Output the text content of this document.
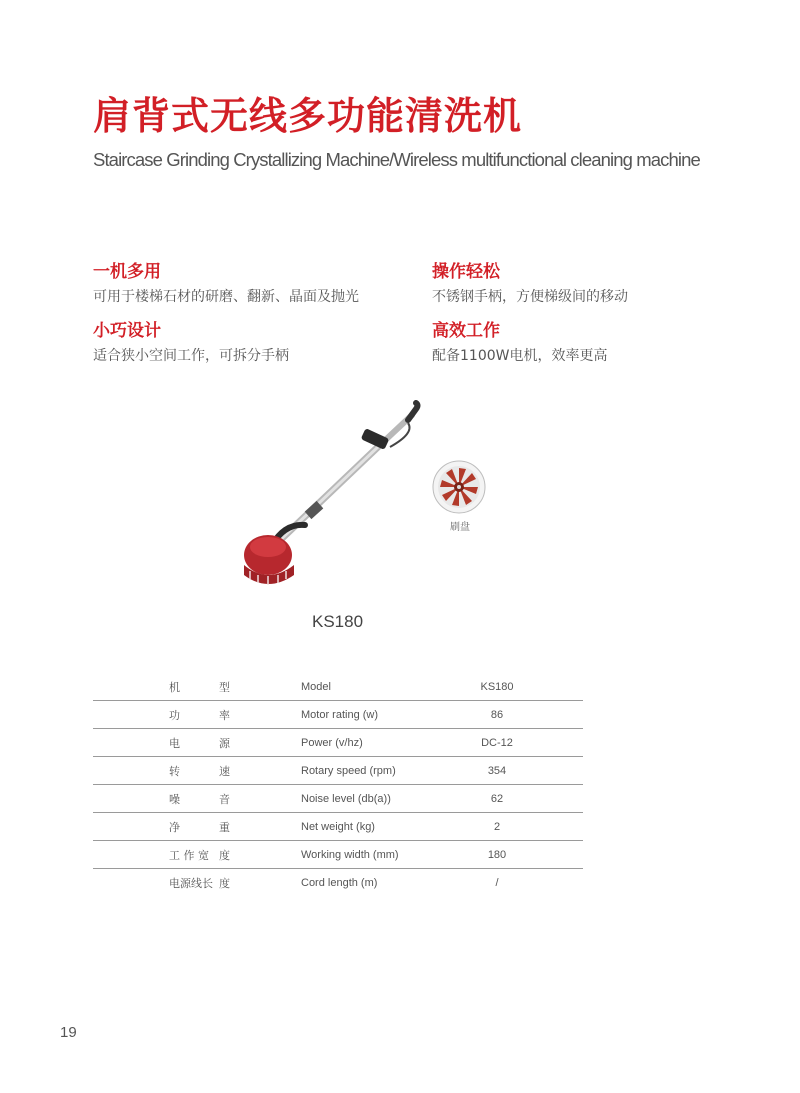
肩背式无线多功能清洗机
Staircase Grinding Crystallizing Machine/Wireless multifunctional cleaning machine
一机多用
可用于楼梯石材的研磨、翻新、晶面及抛光
操作轻松
不锈钢手柄，方便梯级间的移动
小巧设计
适合狭小空间工作，可拆分手柄
高效工作
配备1100W电机，效率更高
刷盘
KS180
机 型	Model	KS180
功 率	Motor rating (w)	86
电 源	Power (v/hz)	DC-12
转 速	Rotary speed (rpm)	354
噪 音	Noise level (db(a))	62
净 重	Net weight (kg)	2
工 作 宽 度	Working width (mm)	180
电源线长 度	Cord length (m)	/
19
